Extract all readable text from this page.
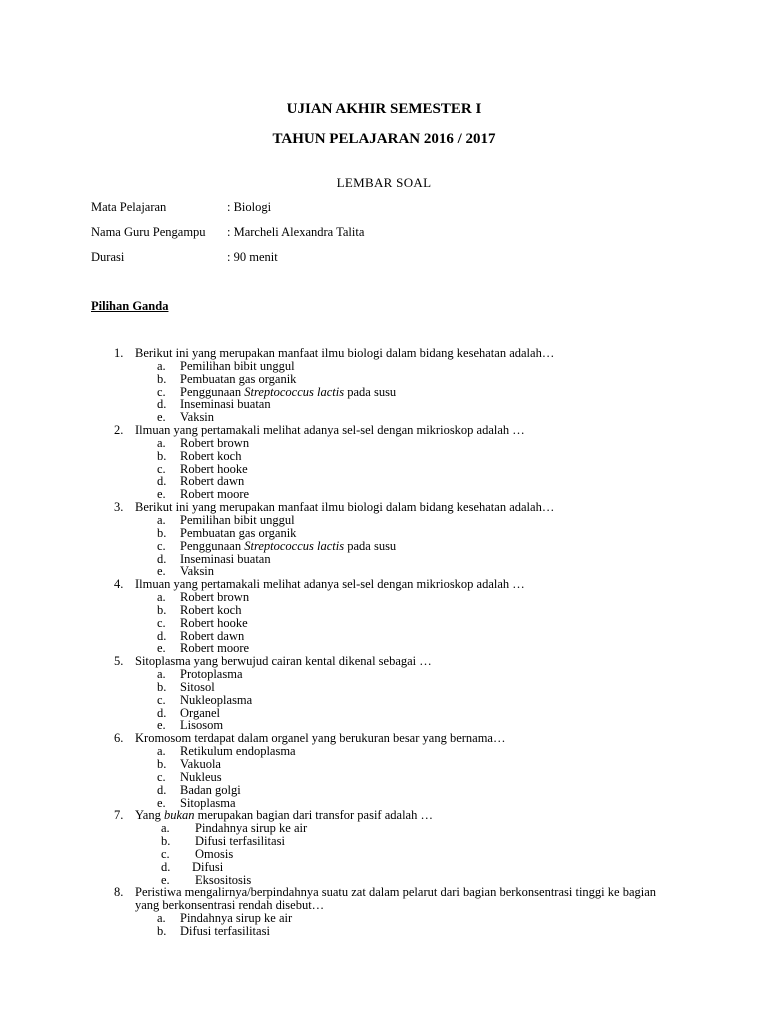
UJIAN AKHIR SEMESTER I
TAHUN PELAJARAN 2016 / 2017
LEMBAR SOAL
Mata Pelajaran	: Biologi
Nama Guru Pengampu : Marcheli Alexandra Talita
Durasi	: 90 menit
Pilihan Ganda
1. Berikut ini yang merupakan manfaat ilmu biologi dalam bidang kesehatan adalah…
a. Pemilihan bibit unggul
b. Pembuatan gas organik
c. Penggunaan Streptococcus lactis pada susu
d. Inseminasi buatan
e. Vaksin
2. Ilmuan yang pertamakali melihat adanya sel-sel dengan mikrioskop adalah …
a. Robert brown
b. Robert koch
c. Robert hooke
d. Robert dawn
e. Robert moore
3. Berikut ini yang merupakan manfaat ilmu biologi dalam bidang kesehatan adalah…
a. Pemilihan bibit unggul
b. Pembuatan gas organik
c. Penggunaan Streptococcus lactis pada susu
d. Inseminasi buatan
e. Vaksin
4. Ilmuan yang pertamakali melihat adanya sel-sel dengan mikrioskop adalah …
a. Robert brown
b. Robert koch
c. Robert hooke
d. Robert dawn
e. Robert moore
5. Sitoplasma yang berwujud cairan kental dikenal sebagai …
a. Protoplasma
b. Sitosol
c. Nukleoplasma
d. Organel
e. Lisosom
6. Kromosom terdapat dalam organel yang berukuran besar yang bernama…
a. Retikulum endoplasma
b. Vakuola
c. Nukleus
d. Badan golgi
e. Sitoplasma
7. Yang bukan merupakan bagian dari transfor pasif adalah …
a. Pindahnya sirup ke air
b. Difusi terfasilitasi
c. Omosis
d. Difusi
e. Eksositosis
8. Peristiwa mengalirnya/berpindahnya suatu zat dalam pelarut dari bagian berkonsentrasi tinggi ke bagian yang berkonsentrasi rendah disebut…
a. Pindahnya sirup ke air
b. Difusi terfasilitasi
